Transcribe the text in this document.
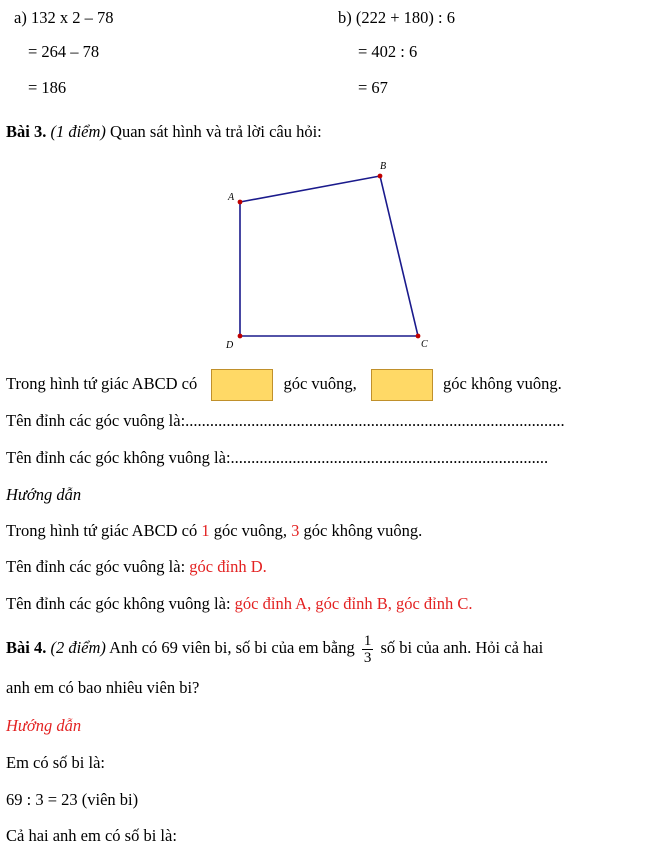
a) 132 x 2 – 78
= 264 – 78
= 186
b) (222 + 180) : 6
= 402 : 6
= 67
Bài 3. (1 điểm) Quan sát hình và trả lời câu hỏi:
A
B
C
D
Trong hình tứ giác ABCD có	góc vuông,	góc không vuông.
Tên đỉnh các góc vuông là:............................................................................................
Tên đỉnh các góc không vuông là:.............................................................................
Hướng dẫn
Trong hình tứ giác ABCD có 1 góc vuông, 3 góc không vuông.
Tên đỉnh các góc vuông là: góc đỉnh D.
Tên đỉnh các góc không vuông là: góc đỉnh A, góc đỉnh B, góc đỉnh C.
Bài 4. (2 điểm) Anh có 69 viên bi, số bi của em bằng $\frac{1}{3}$ số bi của anh. Hỏi cả hai
anh em có bao nhiêu viên bi?
Hướng dẫn
Em có số bi là:
69 : 3 = 23 (viên bi)
Cả hai anh em có số bi là:
